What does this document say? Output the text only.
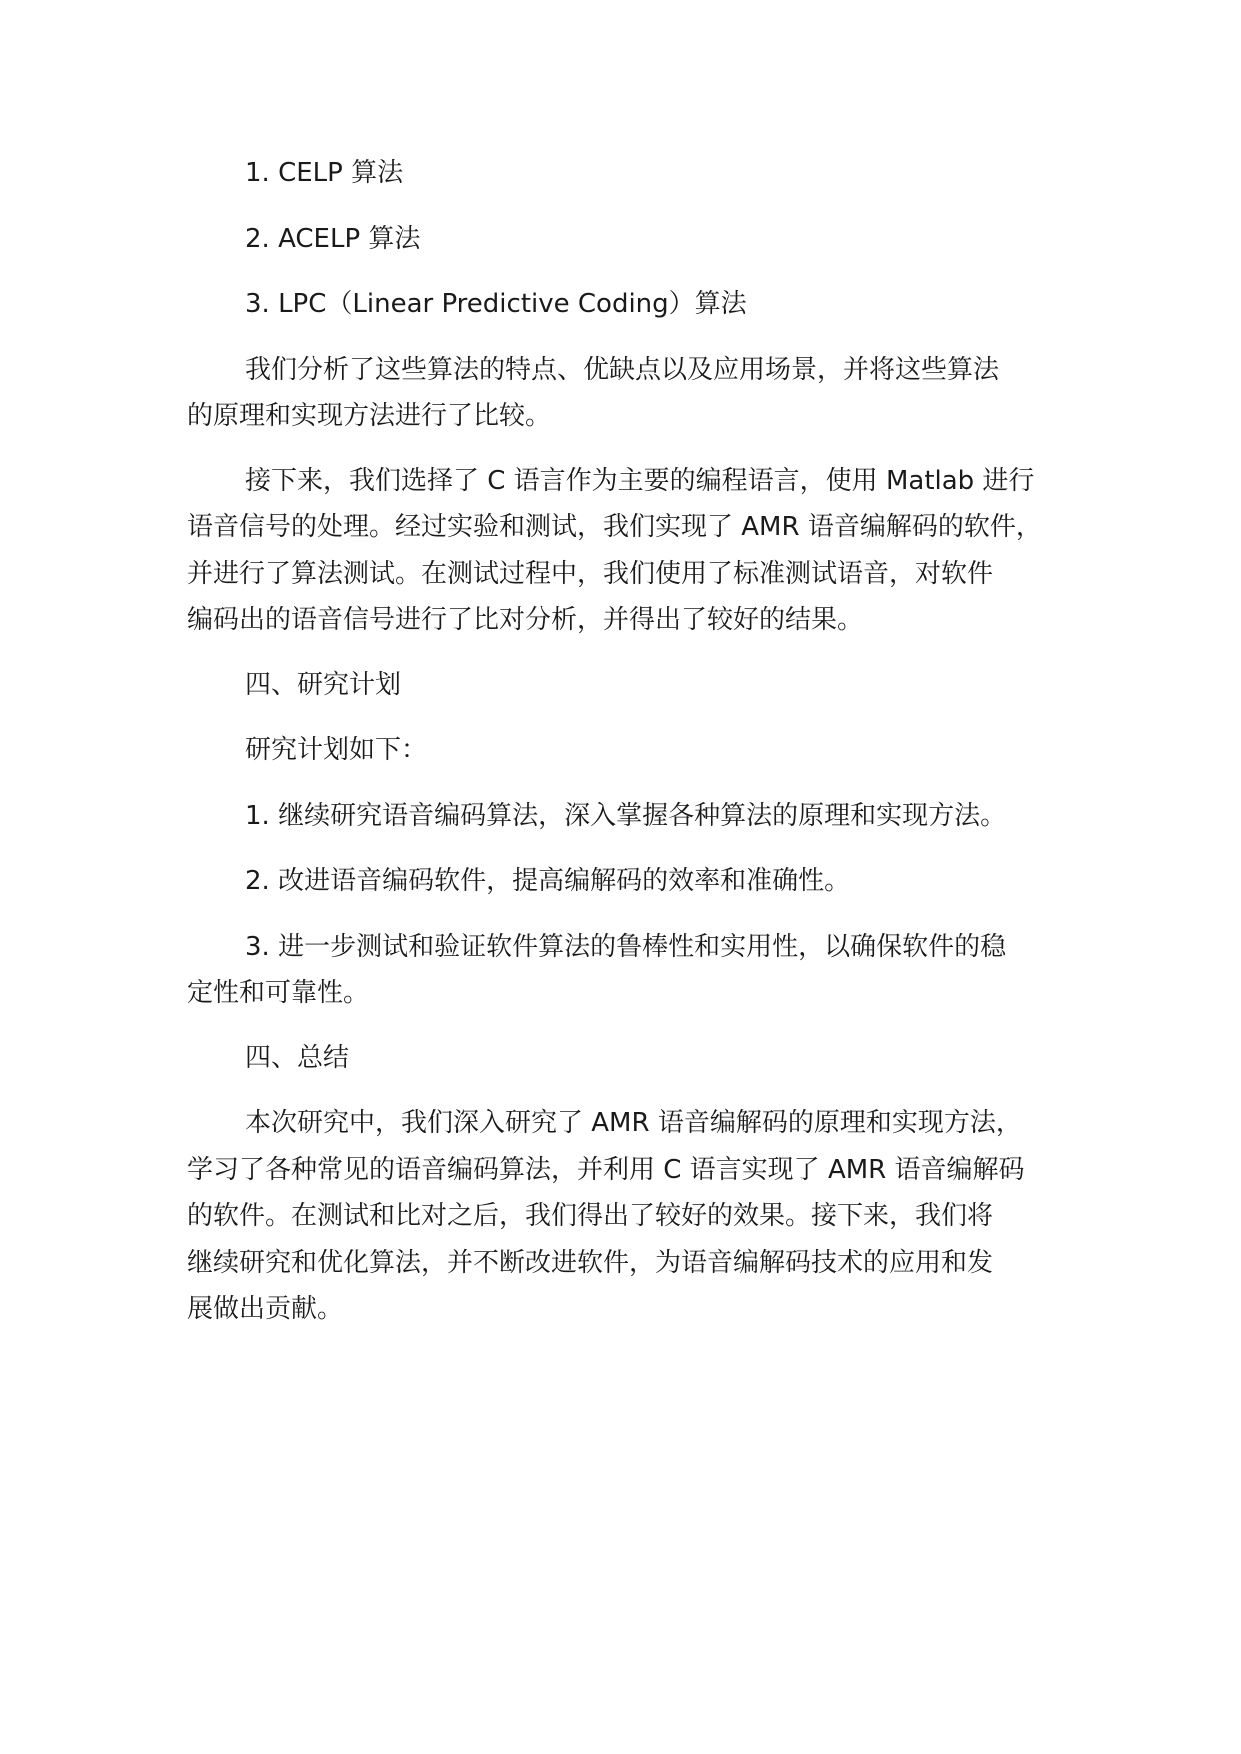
1. CELP 算法

2. ACELP 算法

3. LPC（Linear Predictive Coding）算法

我们分析了这些算法的特点、优缺点以及应用场景，并将这些算法
的原理和实现方法进行了比较。

接下来，我们选择了 C 语言作为主要的编程语言，使用 Matlab 进行
语音信号的处理。经过实验和测试，我们实现了 AMR 语音编解码的软件，
并进行了算法测试。在测试过程中，我们使用了标准测试语音，对软件
编码出的语音信号进行了比对分析，并得出了较好的结果。

四、研究计划

研究计划如下：

1. 继续研究语音编码算法，深入掌握各种算法的原理和实现方法。

2. 改进语音编码软件，提高编解码的效率和准确性。

3. 进一步测试和验证软件算法的鲁棒性和实用性，以确保软件的稳
定性和可靠性。

四、总结

本次研究中，我们深入研究了 AMR 语音编解码的原理和实现方法，
学习了各种常见的语音编码算法，并利用 C 语言实现了 AMR 语音编解码
的软件。在测试和比对之后，我们得出了较好的效果。接下来，我们将
继续研究和优化算法，并不断改进软件，为语音编解码技术的应用和发
展做出贡献。
